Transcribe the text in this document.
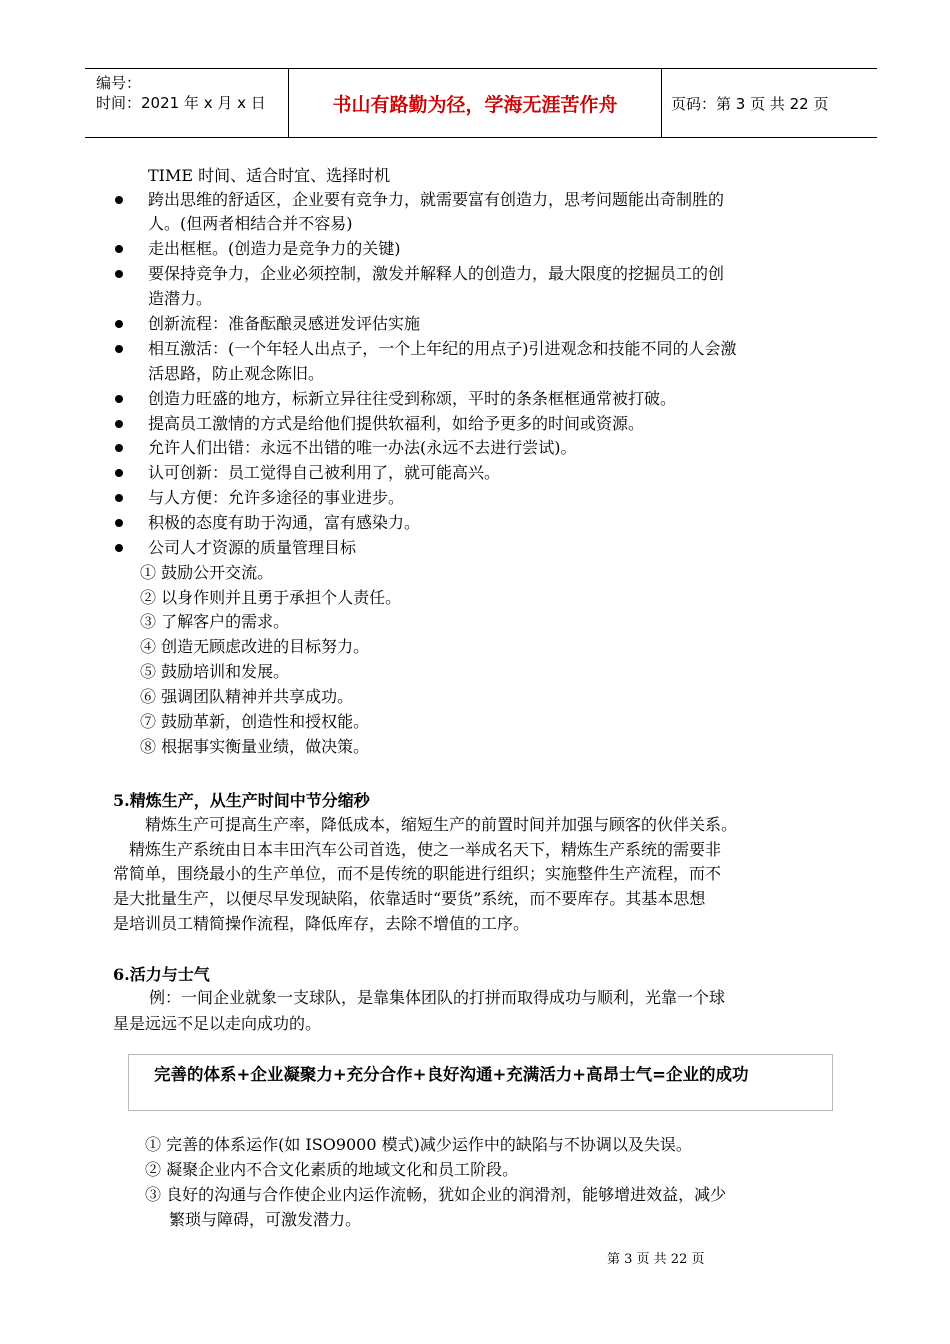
编号：
时间：2021 年 x 月 x 日	书山有路勤为径，学海无涯苦作舟	页码：第 3 页 共 22 页
TIME 时间、适合时宜、选择时机
跨出思维的舒适区，企业要有竞争力，就需要富有创造力，思考问题能出奇制胜的
人。(但两者相结合并不容易)
走出框框。(创造力是竞争力的关键)
要保持竞争力，企业必须控制，激发并解释人的创造力，最大限度的挖掘员工的创
造潜力。
创新流程：准备酝酿灵感迸发评估实施
相互激活：(一个年轻人出点子，一个上年纪的用点子)引进观念和技能不同的人会激
活思路，防止观念陈旧。
创造力旺盛的地方，标新立异往往受到称颂，平时的条条框框通常被打破。
提高员工激情的方式是给他们提供软福利，如给予更多的时间或资源。
允许人们出错：永远不出错的唯一办法(永远不去进行尝试)。
认可创新：员工觉得自己被利用了，就可能高兴。
与人方便：允许多途径的事业进步。
积极的态度有助于沟通，富有感染力。
公司人才资源的质量管理目标
① 鼓励公开交流。
② 以身作则并且勇于承担个人责任。
③ 了解客户的需求。
④ 创造无顾虑改进的目标努力。
⑤ 鼓励培训和发展。
⑥ 强调团队精神并共享成功。
⑦ 鼓励革新，创造性和授权能。
⑧ 根据事实衡量业绩，做决策。
5.精炼生产，从生产时间中节分缩秒
精炼生产可提高生产率，降低成本，缩短生产的前置时间并加强与顾客的伙伴关系。
精炼生产系统由日本丰田汽车公司首选，使之一举成名天下，精炼生产系统的需要非
常简单，围绕最小的生产单位，而不是传统的职能进行组织；实施整件生产流程，而不
是大批量生产，以便尽早发现缺陷，依靠适时“要货”系统，而不要库存。其基本思想
是培训员工精简操作流程，降低库存，去除不增值的工序。
6.活力与士气
例：一间企业就象一支球队，是靠集体团队的打拼而取得成功与顺利，光靠一个球
星是远远不足以走向成功的。
完善的体系+企业凝聚力+充分合作+良好沟通+充满活力+高昂士气=企业的成功
① 完善的体系运作(如 ISO9000 模式)减少运作中的缺陷与不协调以及失误。
② 凝聚企业内不合文化素质的地域文化和员工阶段。
③ 良好的沟通与合作使企业内运作流畅，犹如企业的润滑剂，能够增进效益，减少
繁琐与障碍，可激发潜力。
第 3 页 共 22 页
